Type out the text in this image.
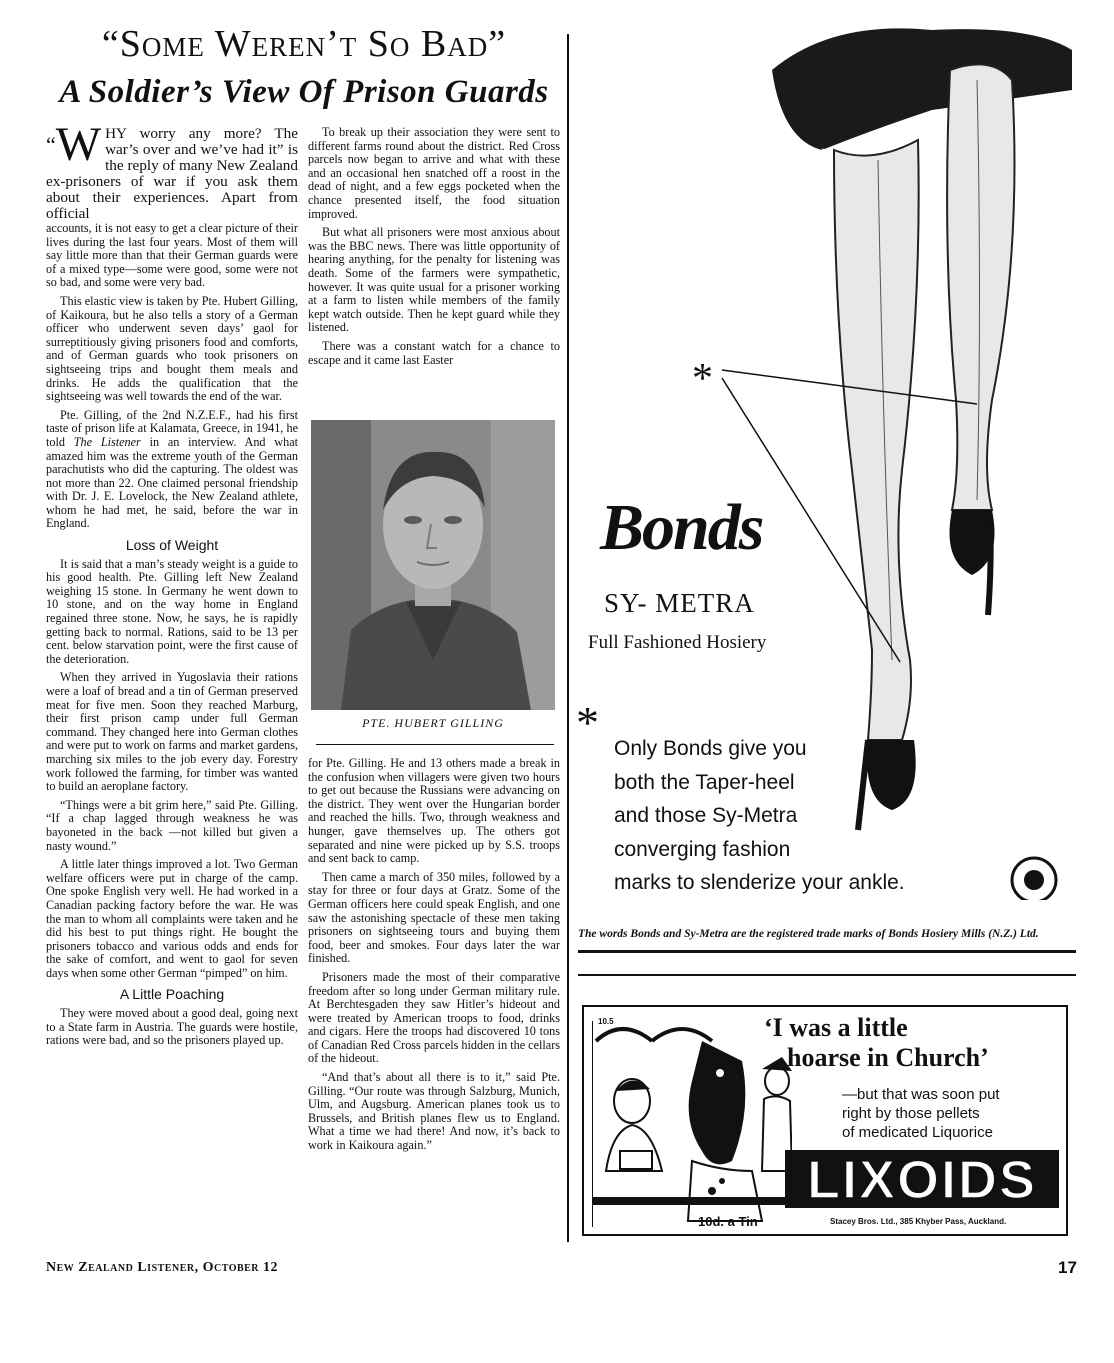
“Some Weren’t So Bad”
A Soldier’s View Of Prison Guards

“W HY worry any more? The war’s over and we’ve had it” is the reply of many New Zealand ex-prisoners of war if you ask them about their experiences. Apart from official

accounts, it is not easy to get a clear picture of their lives during the last four years. Most of them will say little more than that their German guards were of a mixed type—some were good, some were not so bad, and some were very bad.

This elastic view is taken by Pte. Hubert Gilling, of Kaikoura, but he also tells a story of a German officer who underwent seven days’ gaol for surreptitiously giving prisoners food and comforts, and of German guards who took prisoners on sightseeing trips and bought them meals and drinks. He adds the qualification that the sightseeing was well towards the end of the war.

Pte. Gilling, of the 2nd N.Z.E.F., had his first taste of prison life at Kalamata, Greece, in 1941, he told The Listener in an interview. And what amazed him was the extreme youth of the German parachutists who did the capturing. The oldest was not more than 22. One claimed personal friendship with Dr. J. E. Lovelock, the New Zealand athlete, whom he had met, he said, before the war in England.

Loss of Weight

It is said that a man’s steady weight is a guide to his good health. Pte. Gilling left New Zealand weighing 15 stone. In Germany he went down to 10 stone, and on the way home in England regained three stone. Now, he says, he is rapidly getting back to normal. Rations, said to be 13 per cent. below starvation point, were the first cause of the deterioration.

When they arrived in Yugoslavia their rations were a loaf of bread and a tin of German preserved meat for five men. Soon they reached Marburg, their first prison camp under full German command. They changed here into German clothes and were put to work on farms and market gardens, marching six miles to the job every day. Forestry work followed the farming, for timber was wanted to build an aeroplane factory.

“Things were a bit grim here,” said Pte. Gilling. “If a chap lagged through weakness he was bayoneted in the back —not killed but given a nasty wound.”

A little later things improved a lot. Two German welfare officers were put in charge of the camp. One spoke English very well. He had worked in a Canadian packing factory before the war. He was the man to whom all complaints were taken and he did his best to put things right. He bought the prisoners tobacco and various odds and ends for the sake of comfort, and went to gaol for seven days when some other German “pimped” on him.

A Little Poaching

They were moved about a good deal, going next to a State farm in Austria. The guards were hostile, rations were bad, and so the prisoners played up.

To break up their association they were sent to different farms round about the district. Red Cross parcels now began to arrive and what with these and an occasional hen snatched off a roost in the dead of night, and a few eggs pocketed when the chance presented itself, the food situation improved.

But what all prisoners were most anxious about was the BBC news. There was little opportunity of hearing anything, for the penalty for listening was death. Some of the farmers were sympathetic, however. It was quite usual for a prisoner working at a farm to listen while members of the family kept watch outside. Then he kept guard while they listened.

There was a constant watch for a chance to escape and it came last Easter

PTE. HUBERT GILLING

for Pte. Gilling. He and 13 others made a break in the confusion when villagers were given two hours to get out because the Russians were advancing on the district. They went over the Hungarian border and reached the hills. Two, through weakness and hunger, gave themselves up. The others got separated and nine were picked up by S.S. troops and sent back to camp.

Then came a march of 350 miles, followed by a stay for three or four days at Gratz. Some of the German officers here could speak English, and one saw the astonishing spectacle of these men taking prisoners on sightseeing tours and buying them food, beer and smokes. Four days later the war finished.

Prisoners made the most of their comparative freedom after so long under German military rule. At Berchtesgaden they saw Hitler’s hideout and were treated by American troops to food, drinks and cigars. Here the troops had discovered 10 tons of Canadian Red Cross parcels hidden in the cellars of the hideout.

“And that’s about all there is to it,” said Pte. Gilling. “Our route was through Salzburg, Munich, Ulm, and Augsburg. American planes took us to Brussels, and British planes flew us to England. What a time we had there! And now, it’s back to work in Kaikoura again.”

New Zealand Listener, October 12	17
*
*
Bonds
SY- METRA
Full Fashioned Hosiery
Only Bonds give you
both the Taper-heel
and those Sy-Metra
converging fashion
marks to slenderize your ankle.
The words Bonds and Sy-Metra are the registered trade marks of Bonds Hosiery Mills (N.Z.) Ltd.
10.5	‘I was a little
hoarse in Church’
—but that was soon put
right by those pellets
of medicated Liquorice
LIXOIDS
10d. a Tin	Stacey Bros. Ltd., 385 Khyber Pass, Auckland.
